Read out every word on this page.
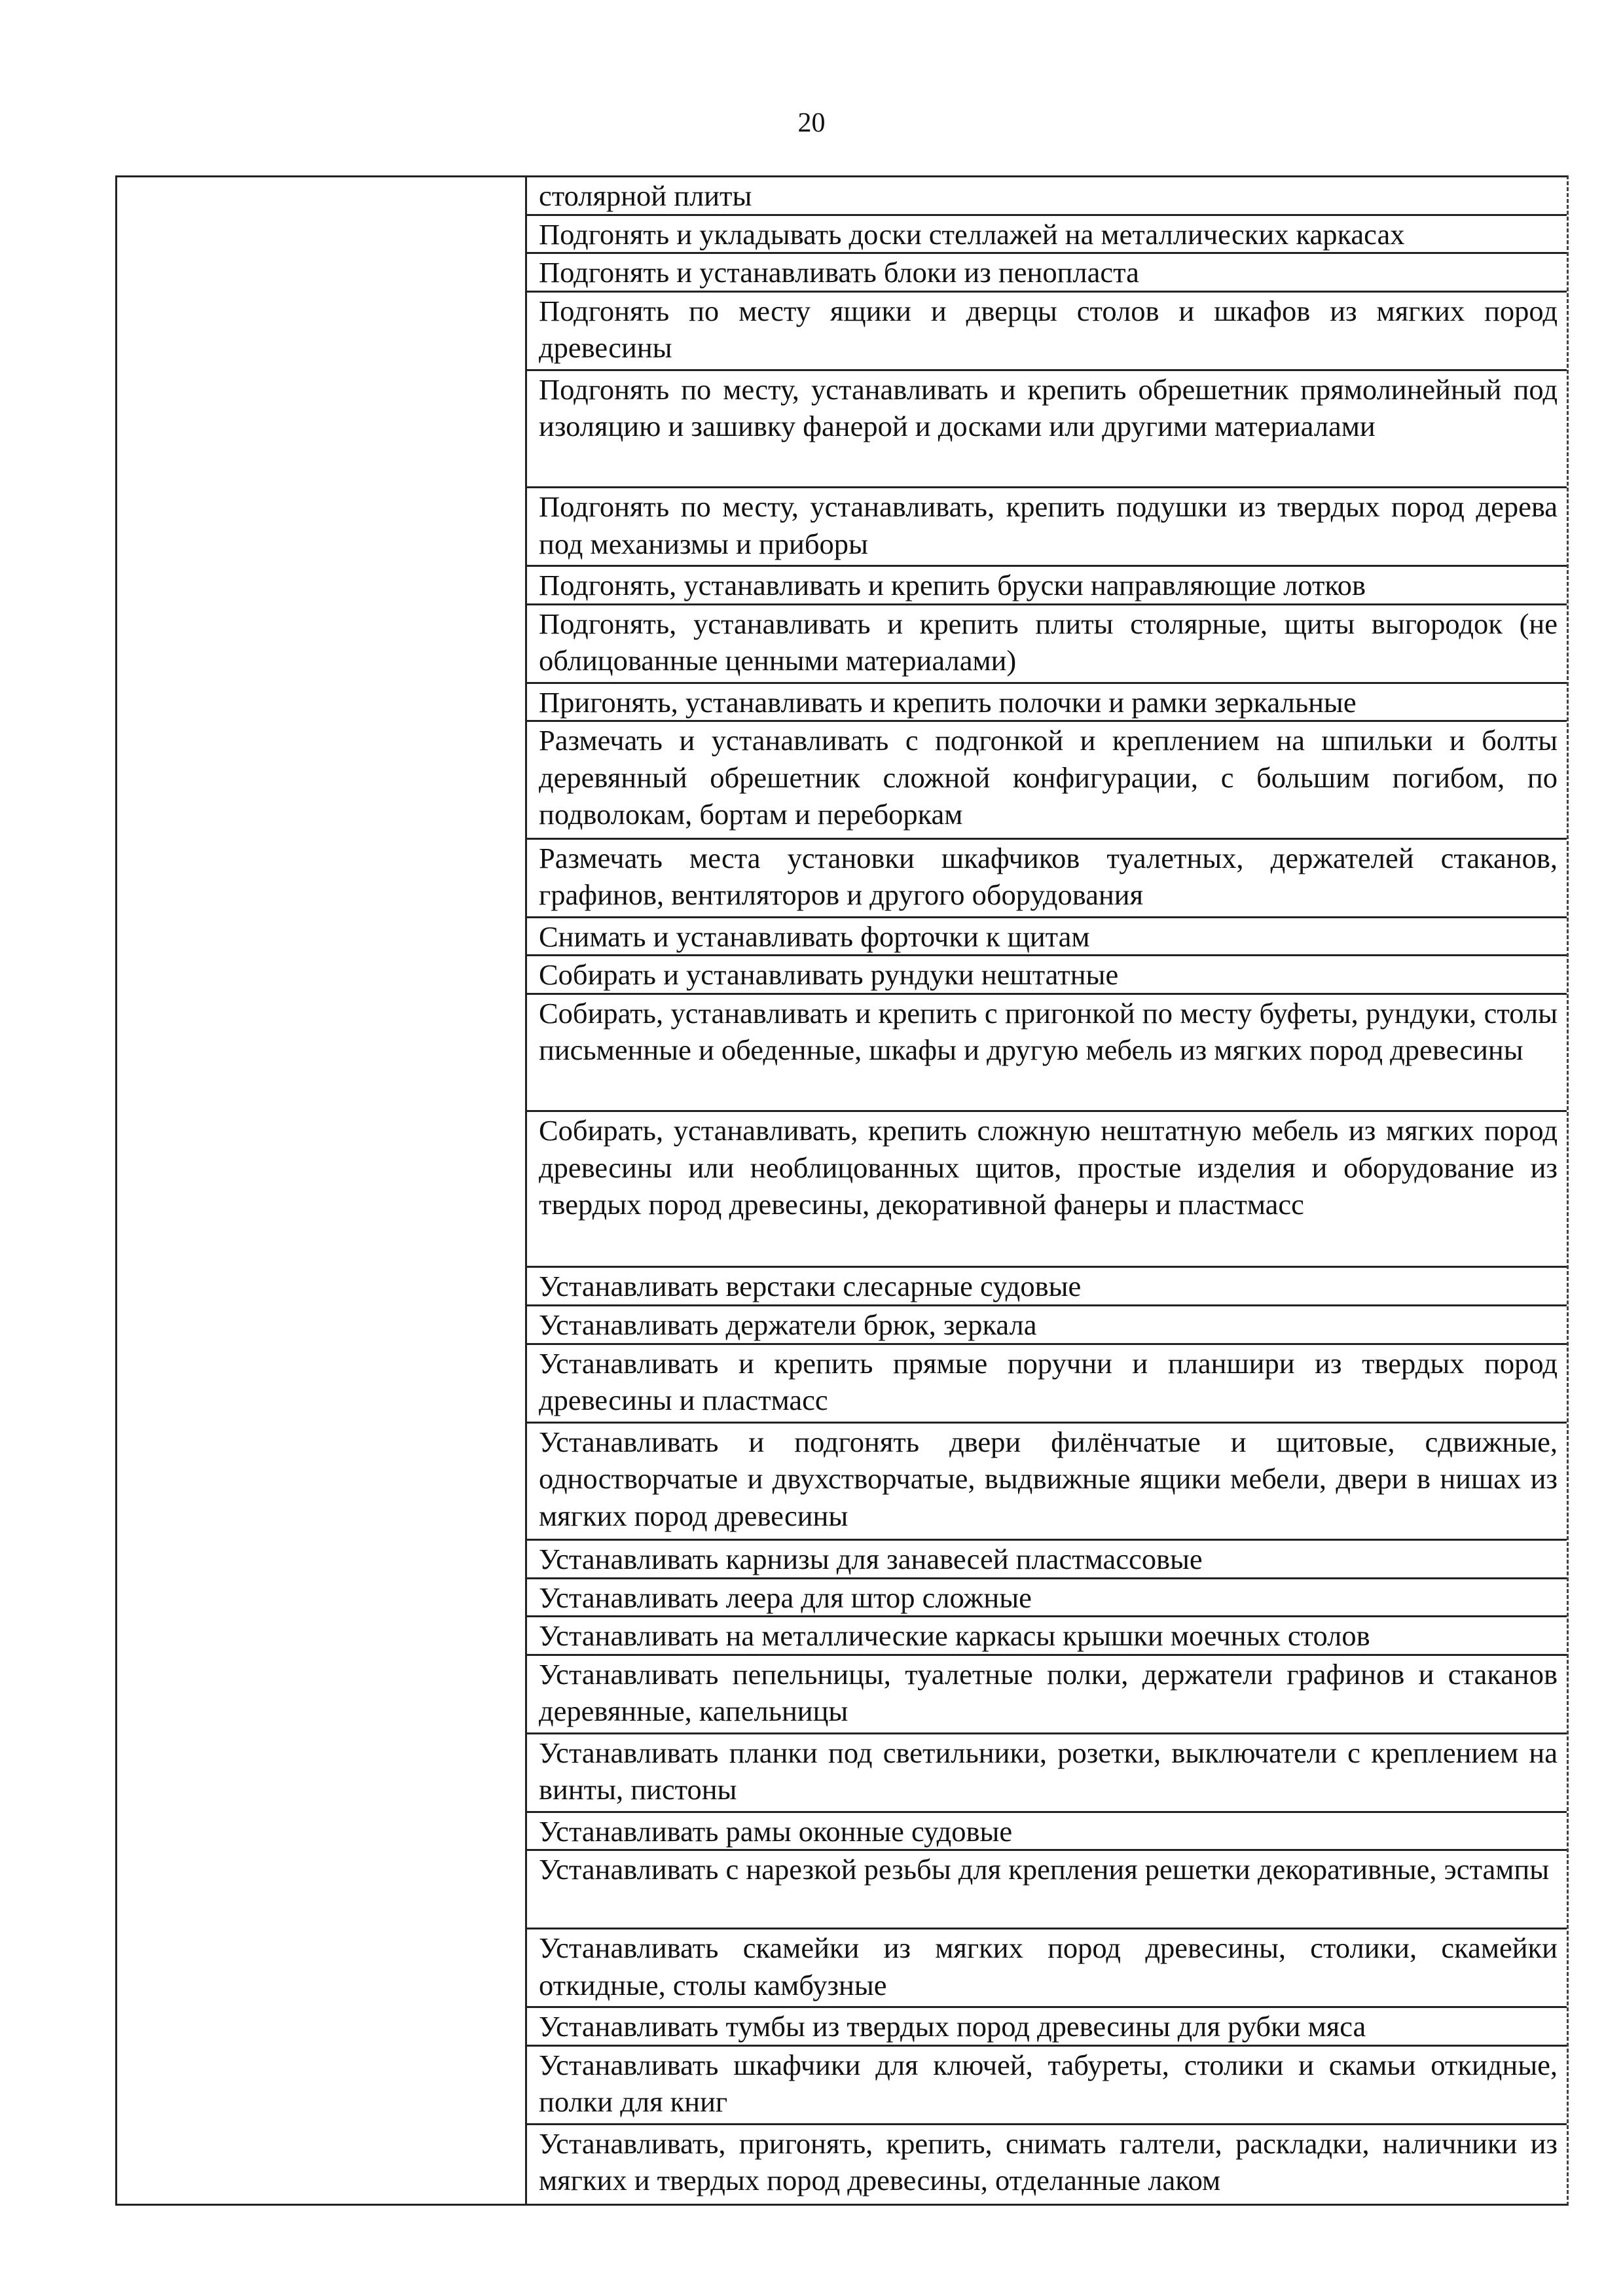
20
столярной плиты
Подгонять и укладывать доски стеллажей на металлических каркасах
Подгонять и устанавливать блоки из пенопласта
Подгонять по месту ящики и дверцы столов и шкафов из мягких пород древесины
Подгонять по месту, устанавливать и крепить обрешетник прямолинейный под изоляцию и зашивку фанерой и досками или другими материалами
Подгонять по месту, устанавливать, крепить подушки из твердых пород дерева под механизмы и приборы
Подгонять, устанавливать и крепить бруски направляющие лотков
Подгонять, устанавливать и крепить плиты столярные, щиты выгородок (не облицованные ценными материалами)
Пригонять, устанавливать и крепить полочки и рамки зеркальные
Размечать и устанавливать с подгонкой и креплением на шпильки и болты деревянный обрешетник сложной конфигурации, с большим погибом, по подволокам, бортам и переборкам
Размечать места установки шкафчиков туалетных, держателей стаканов, графинов, вентиляторов и другого оборудования
Снимать и устанавливать форточки к щитам
Собирать и устанавливать рундуки нештатные
Собирать, устанавливать и крепить с пригонкой по месту буфеты, рундуки, столы письменные и обеденные, шкафы и другую мебель из мягких пород древесины
Собирать, устанавливать, крепить сложную нештатную мебель из мягких пород древесины или необлицованных щитов, простые изделия и оборудование из твердых пород древесины, декоративной фанеры и пластмасс
Устанавливать верстаки слесарные судовые
Устанавливать держатели брюк, зеркала
Устанавливать и крепить прямые поручни и планшири из твердых пород древесины и пластмасс
Устанавливать и подгонять двери филёнчатые и щитовые, сдвижные, одностворчатые и двухстворчатые, выдвижные ящики мебели, двери в нишах из мягких пород древесины
Устанавливать карнизы для занавесей пластмассовые
Устанавливать леера для штор сложные
Устанавливать на металлические каркасы крышки моечных столов
Устанавливать пепельницы, туалетные полки, держатели графинов и стаканов деревянные, капельницы
Устанавливать планки под светильники, розетки, выключатели с креплением на винты, пистоны
Устанавливать рамы оконные судовые
Устанавливать с нарезкой резьбы для крепления решетки декоративные, эстампы
Устанавливать скамейки из мягких пород древесины, столики, скамейки откидные, столы камбузные
Устанавливать тумбы из твердых пород древесины для рубки мяса
Устанавливать шкафчики для ключей, табуреты, столики и скамьи откидные, полки для книг
Устанавливать, пригонять, крепить, снимать галтели, раскладки, наличники из мягких и твердых пород древесины, отделанные лаком
